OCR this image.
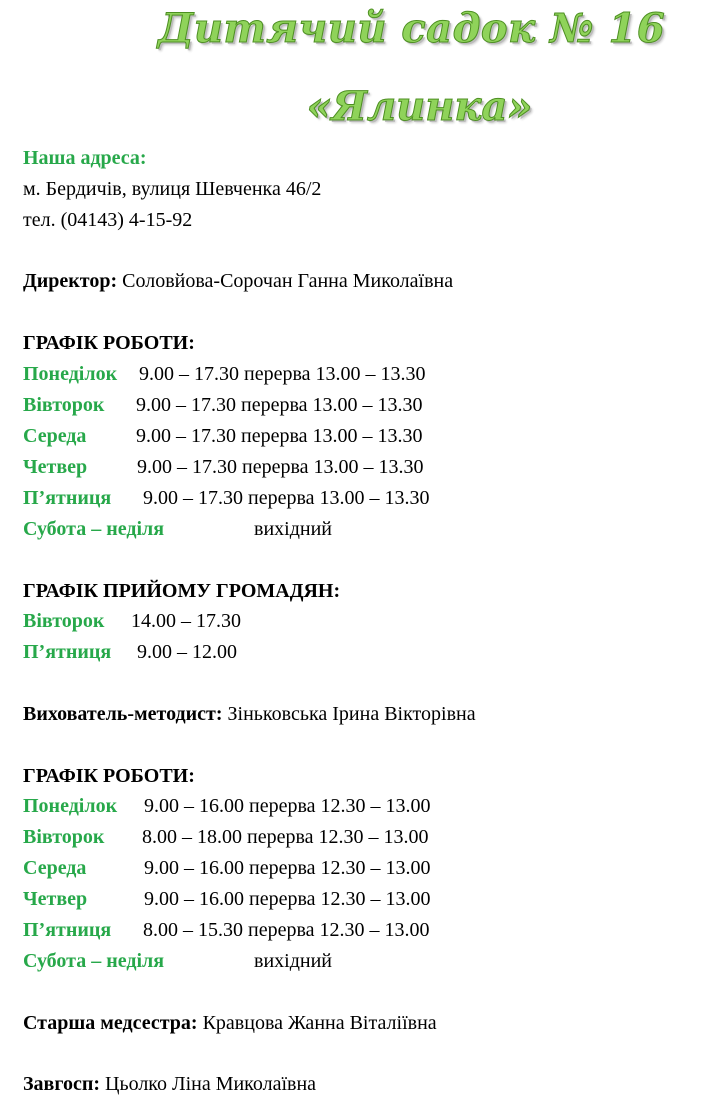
Дитячий садок № 16
«Ялинка»
Наша адреса:
м. Бердичів, вулиця Шевченка 46/2
тел. (04143) 4-15-92
Директор: Соловйова-Сорочан Ганна Миколаївна
ГРАФІК РОБОТИ:
Понеділок 9.00 – 17.30 перерва 13.00 – 13.30
Вівторок 9.00 – 17.30 перерва 13.00 – 13.30
Середа 9.00 – 17.30 перерва 13.00 – 13.30
Четвер 9.00 – 17.30 перерва 13.00 – 13.30
П’ятниця 9.00 – 17.30 перерва 13.00 – 13.30
Субота – неділя	вихідний
ГРАФІК ПРИЙОМУ ГРОМАДЯН:
Вівторок 14.00 – 17.30
П’ятниця 9.00 – 12.00
Вихователь-методист: Зіньковська Ірина Вікторівна
ГРАФІК РОБОТИ:
Понеділок 9.00 – 16.00 перерва 12.30 – 13.00
Вівторок 8.00 – 18.00 перерва 12.30 – 13.00
Середа	9.00 – 16.00 перерва 12.30 – 13.00
Четвер	9.00 – 16.00 перерва 12.30 – 13.00
П’ятниця 8.00 – 15.30 перерва 12.30 – 13.00
Субота – неділя	вихідний
Старша медсестра: Кравцова Жанна Віталіївна
Завгосп: Цьолко Ліна Миколаївна
